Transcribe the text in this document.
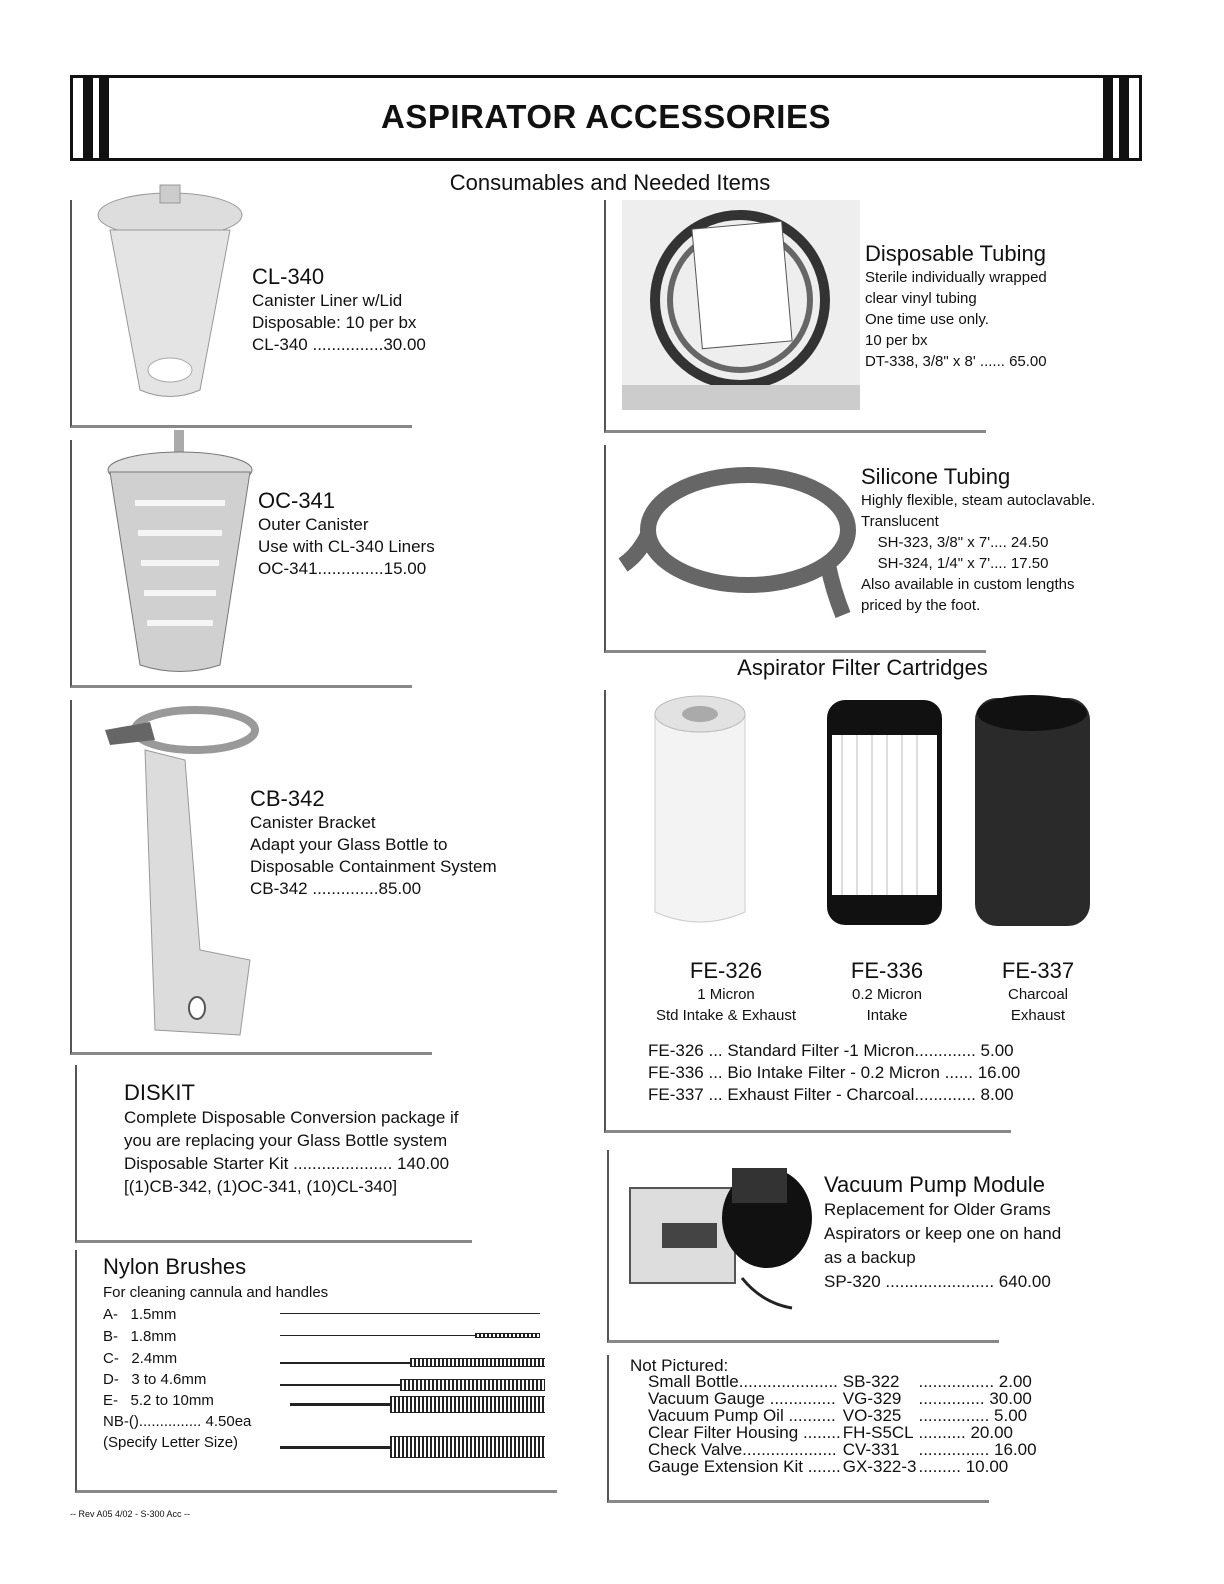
ASPIRATOR ACCESSORIES
Consumables and Needed Items
CL-340
Canister Liner w/Lid
Disposable: 10 per bx
CL-340 ...............30.00
OC-341
Outer Canister
Use with CL-340 Liners
OC-341..............15.00
CB-342
Canister Bracket
Adapt your Glass Bottle to
Disposable Containment System
CB-342 ..............85.00
DISKIT
Complete Disposable Conversion package if
you are replacing your Glass Bottle system
Disposable Starter Kit ..................... 140.00
[(1)CB-342, (1)OC-341, (10)CL-340]
Nylon Brushes
For cleaning cannula and handles
A-   1.5mm
B-   1.8mm
C-   2.4mm
D-   3 to 4.6mm
E-   5.2 to 10mm
NB-()............... 4.50ea
(Specify Letter Size)
-- Rev A05 4/02 - S-300 Acc --
Disposable Tubing
Sterile individually wrapped
clear vinyl tubing
One time use only.
10 per bx
DT-338, 3/8" x 8' ...... 65.00
Silicone Tubing
Highly flexible, steam autoclavable.
Translucent
SH-323, 3/8" x 7'.... 24.50
SH-324, 1/4" x 7'.... 17.50
Also available in custom lengths
priced by the foot.
Aspirator Filter Cartridges
FE-326
1 Micron
Std Intake & Exhaust
FE-336
0.2 Micron
Intake
FE-337
Charcoal
Exhaust
FE-326 ... Standard Filter -1 Micron............. 5.00
FE-336 ... Bio Intake Filter - 0.2 Micron ...... 16.00
FE-337 ... Exhaust Filter - Charcoal............. 8.00
Vacuum Pump Module
Replacement for Older Grams
Aspirators or keep one on hand
as a backup
SP-320 ....................... 640.00
Not Pictured:
Small Bottle.....................	SB-322	................ 2.00
Vacuum Gauge ..............	VG-329	.............. 30.00
Vacuum Pump Oil ..........	VO-325	............... 5.00
Clear Filter Housing ........	FH-S5CL	.......... 20.00
Check Valve....................	CV-331	............... 16.00
Gauge Extension Kit .......	GX-322-3	......... 10.00
